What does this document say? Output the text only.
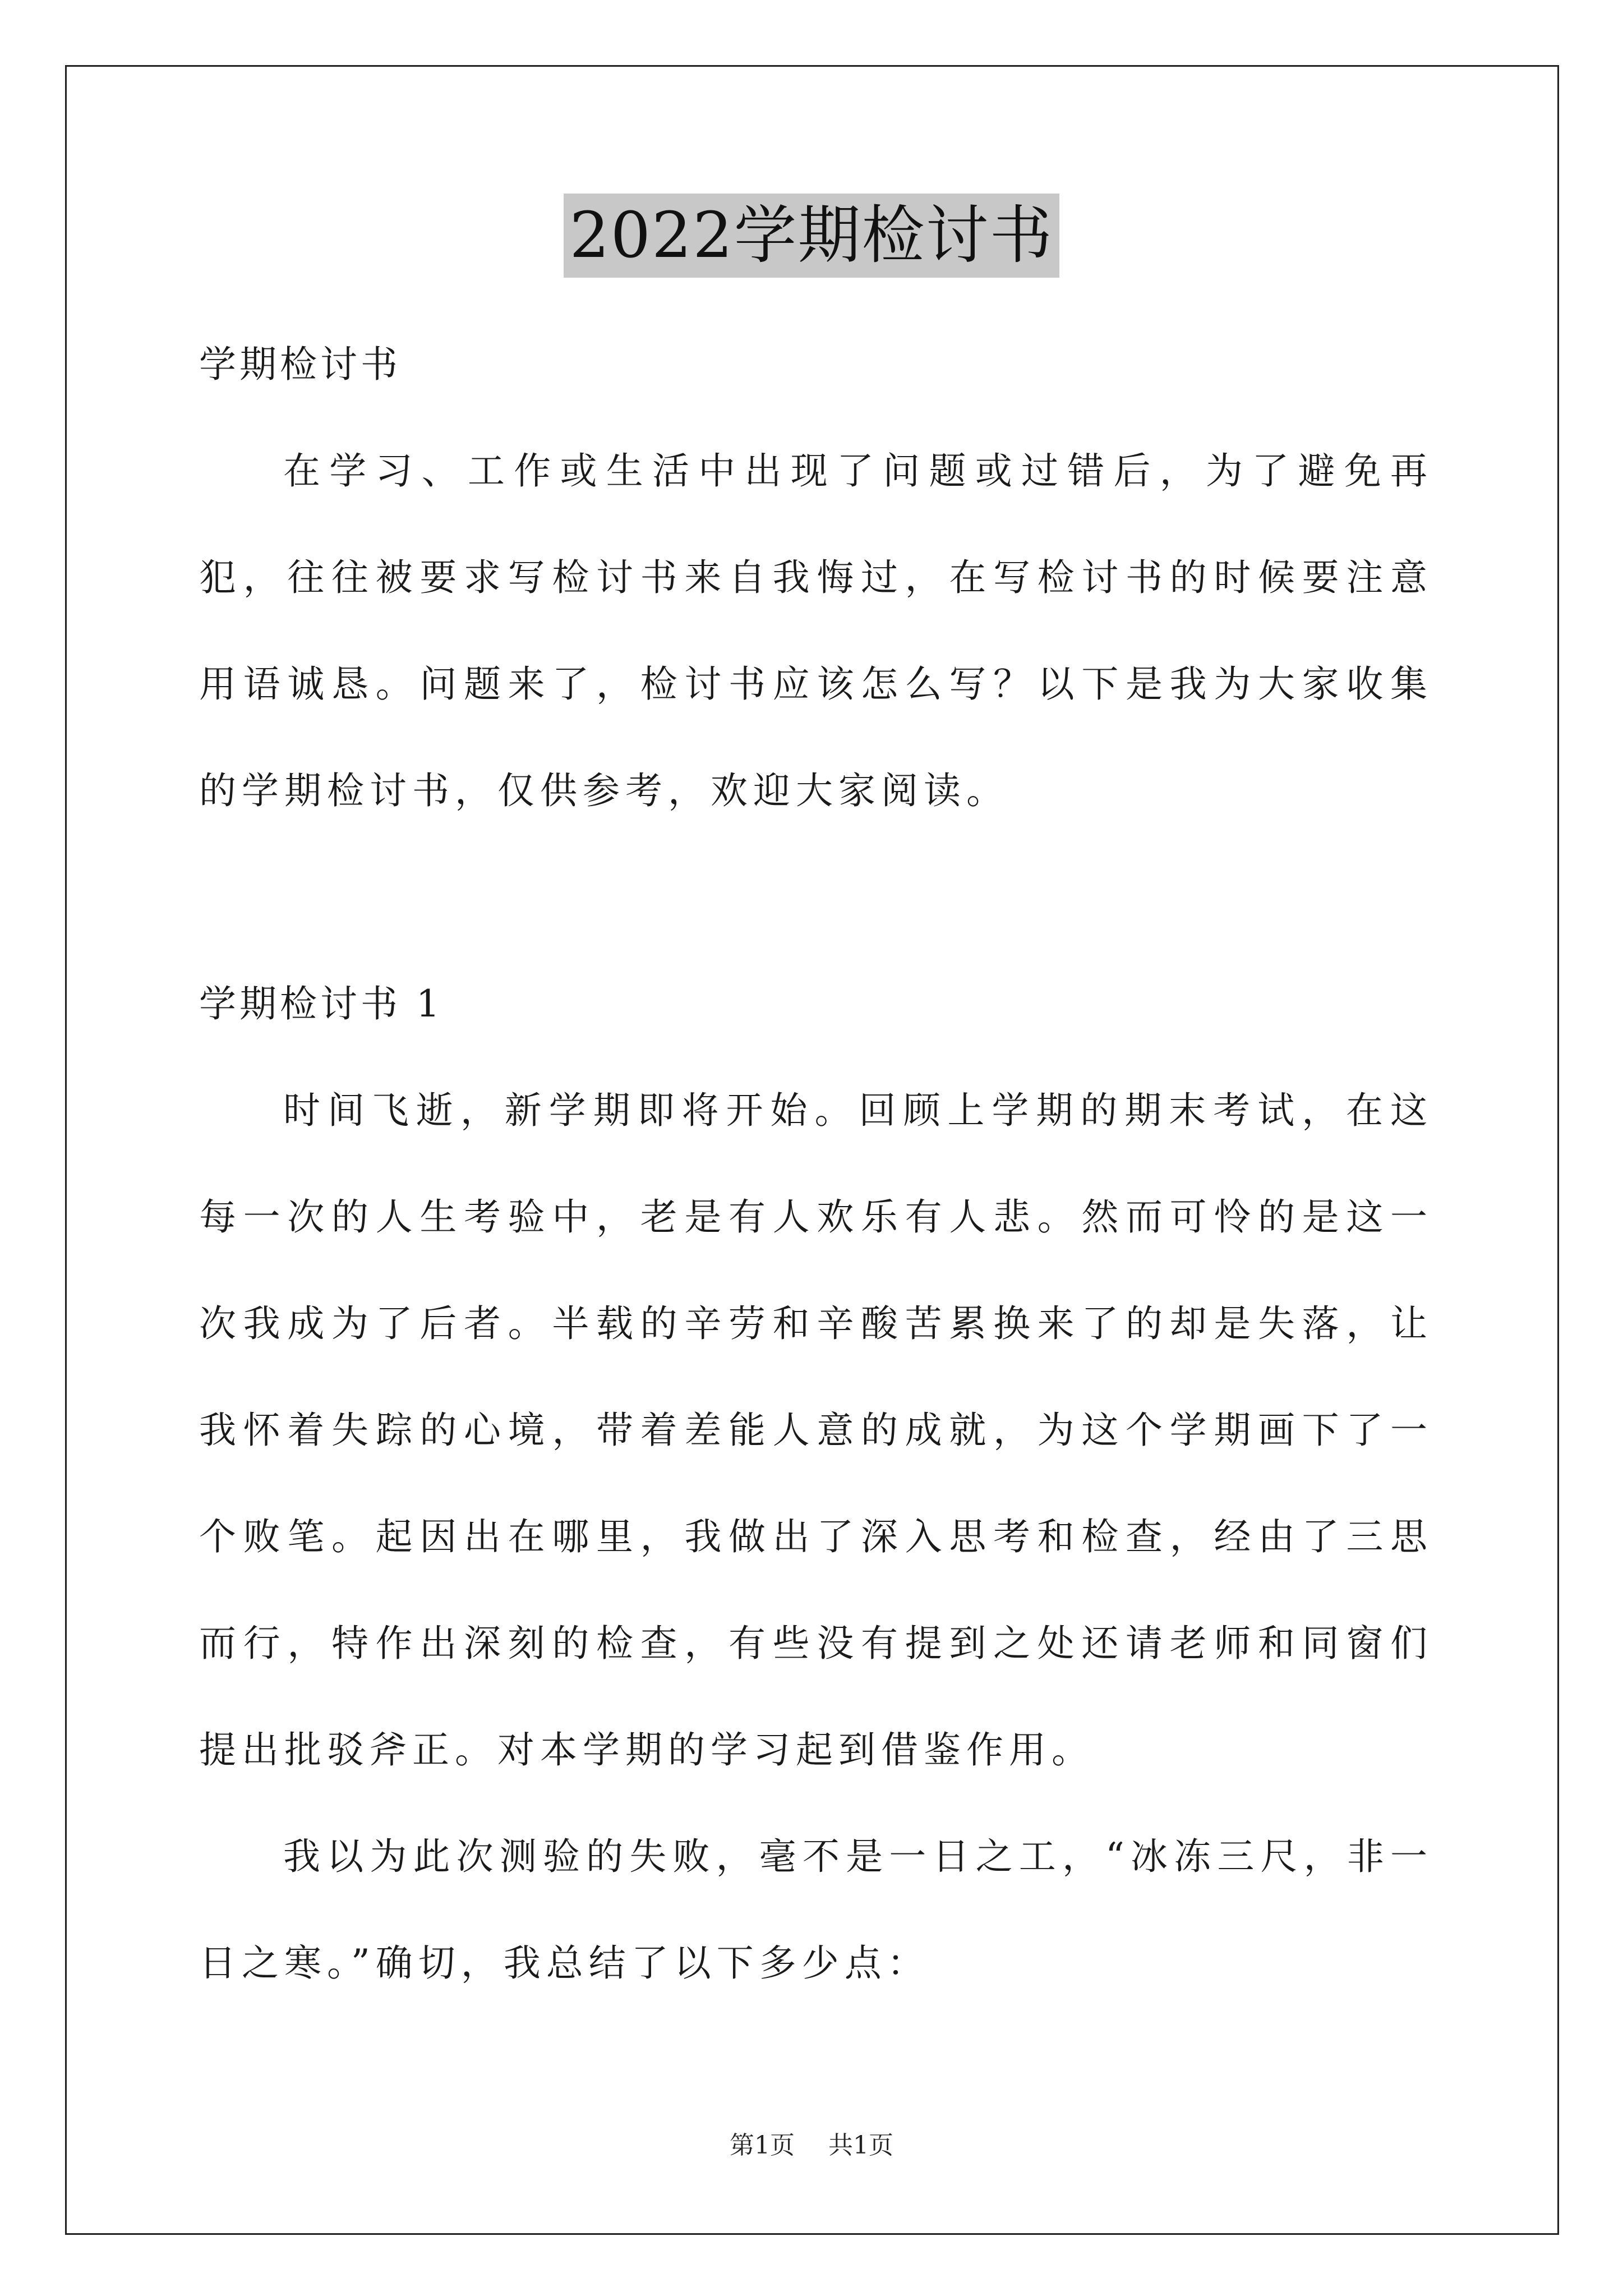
2022学期检讨书

学期检讨书

在学习、工作或生活中出现了问题或过错后，为了避免再犯，往往被要求写检讨书来自我悔过，在写检讨书的时候要注意用语诚恳。问题来了，检讨书应该怎么写？以下是我为大家收集的学期检讨书，仅供参考，欢迎大家阅读。

学期检讨书 1

时间飞逝，新学期即将开始。回顾上学期的期末考试，在这每一次的人生考验中，老是有人欢乐有人悲。然而可怜的是这一次我成为了后者。半载的辛劳和辛酸苦累换来了的却是失落，让我怀着失踪的心境，带着差能人意的成就，为这个学期画下了一个败笔。起因出在哪里，我做出了深入思考和检查，经由了三思而行，特作出深刻的检查，有些没有提到之处还请老师和同窗们提出批驳斧正。对本学期的学习起到借鉴作用。

我以为此次测验的失败，毫不是一日之工，“冰冻三尺，非一日之寒。”确切，我总结了以下多少点：

第1页 共1页
